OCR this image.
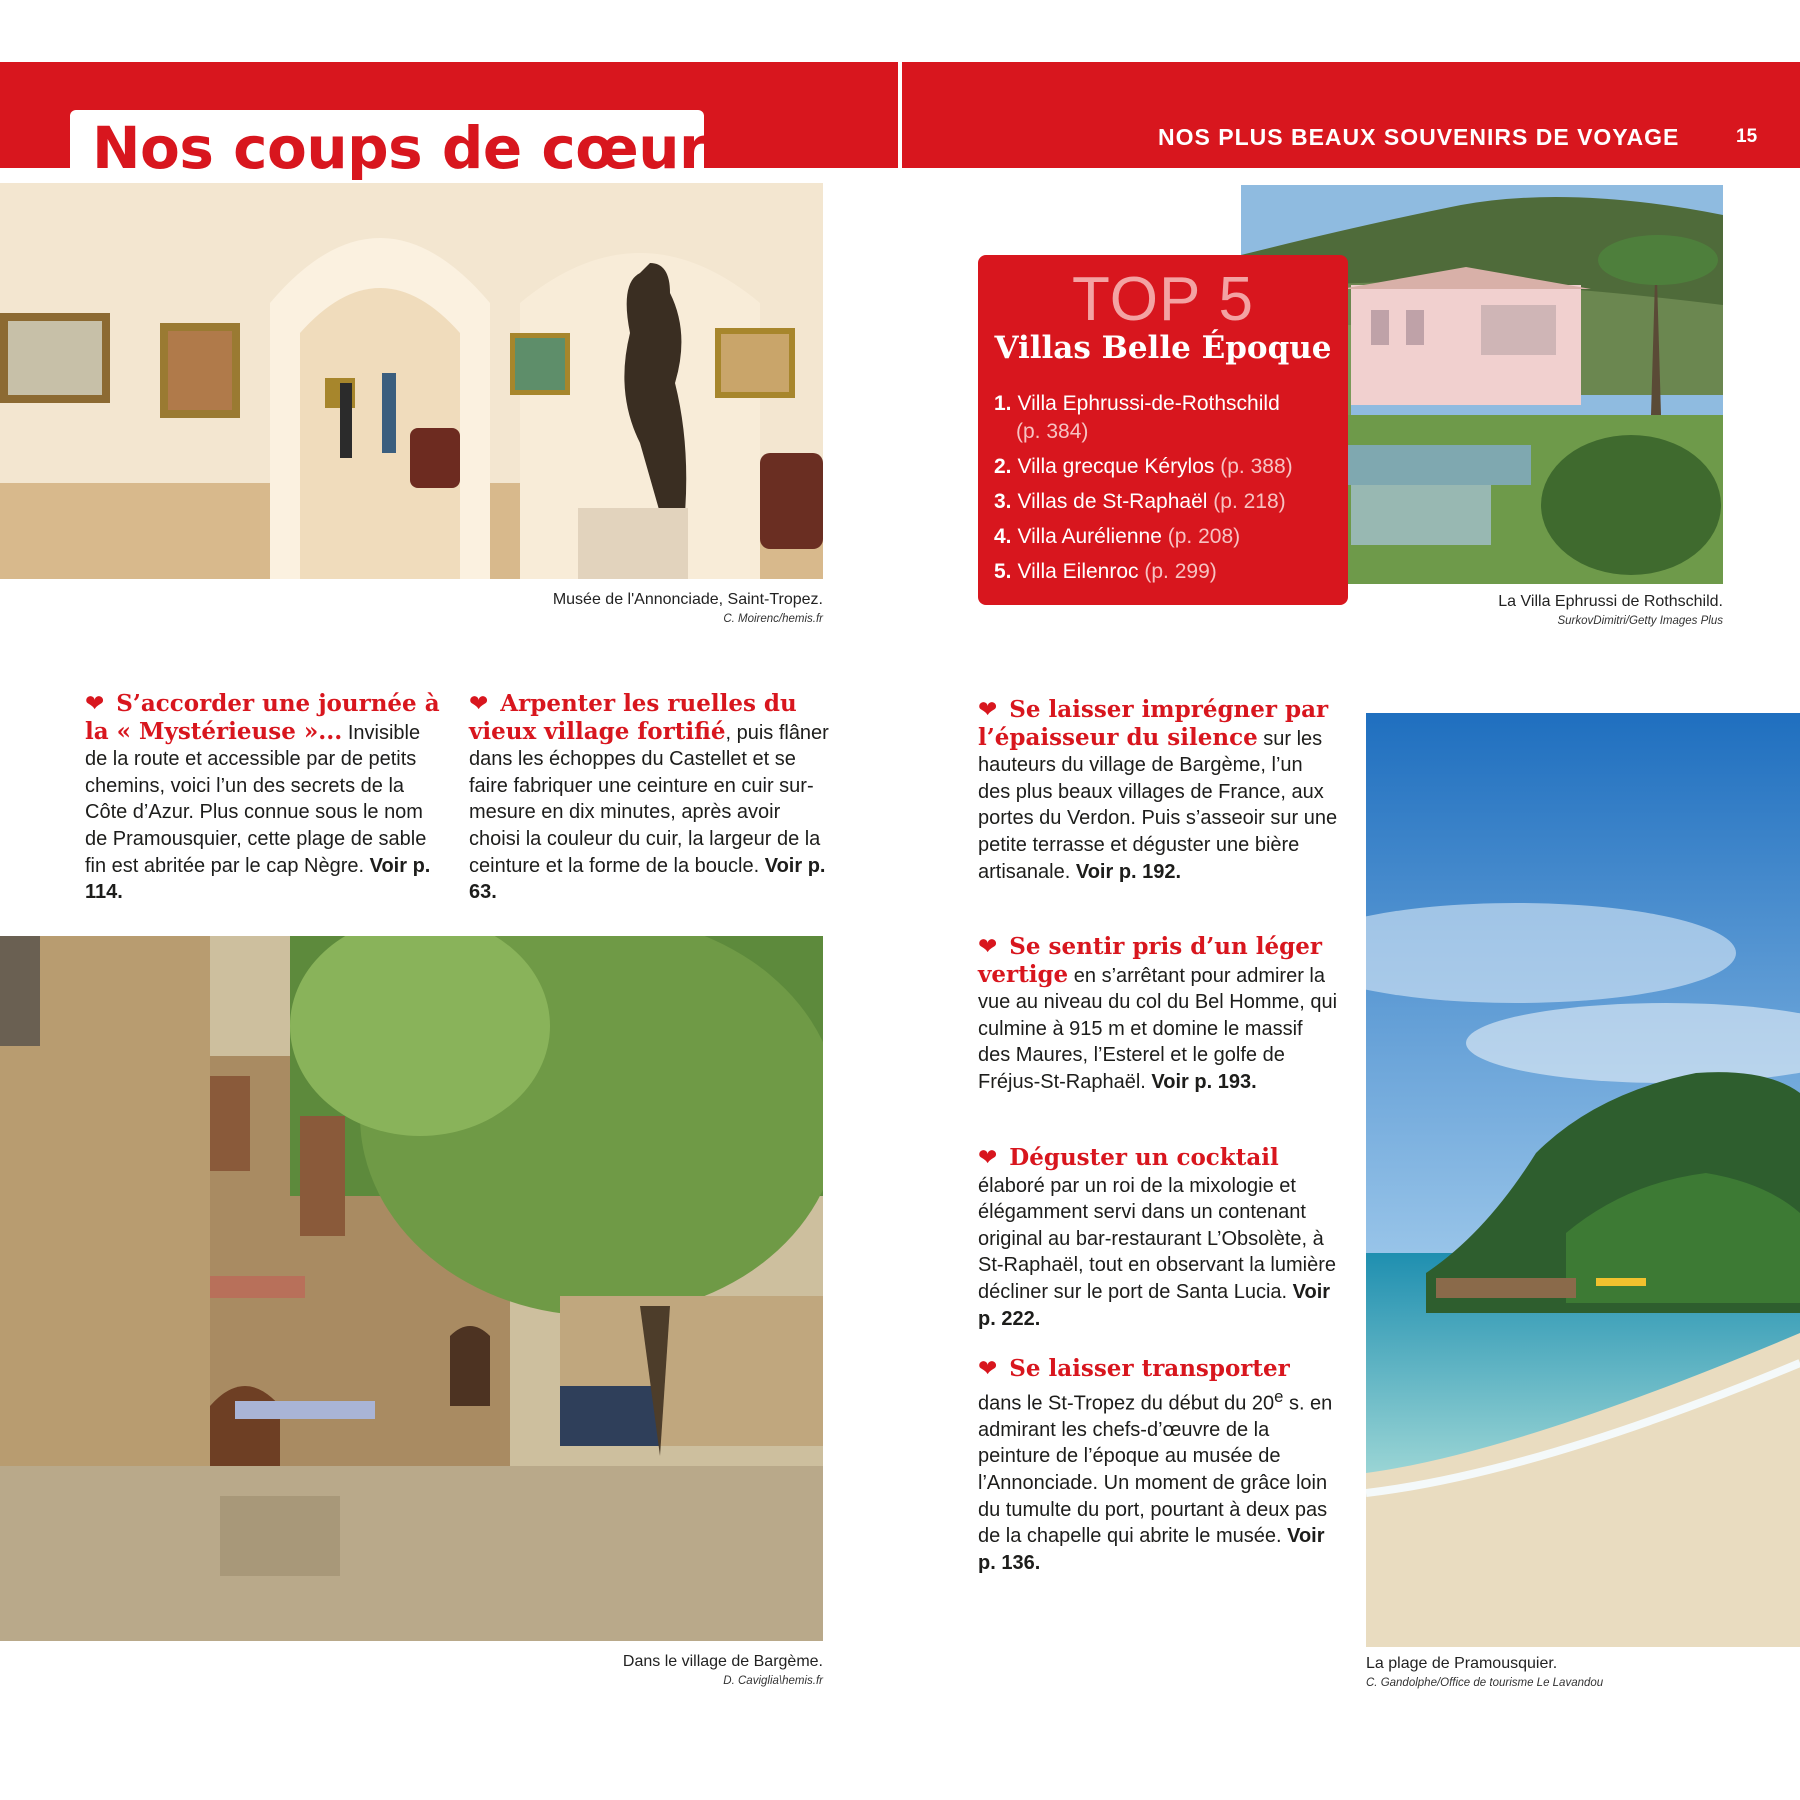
Nos coups de cœur	NOS PLUS BEAUX SOUVENIRS DE VOYAGE	15
Musée de l'Annonciade, Saint-Tropez.
C. Moirenc/hemis.fr
La Villa Ephrussi de Rothschild.
SurkovDimitri/Getty Images Plus
TOP 5
Villas Belle Époque
1. Villa Ephrussi-de-Rothschild
(p. 384)
2. Villa grecque Kérylos (p. 388)
3. Villas de St-Raphaël (p. 218)
4. Villa Aurélienne (p. 208)
5. Villa Eilenroc (p. 299)
❤ S’accorder une journée à la « Mystérieuse »... Invisible de la route et accessible par de petits chemins, voici l’un des secrets de la Côte d’Azur. Plus connue sous le nom de Pramousquier, cette plage de sable fin est abritée par le cap Nègre. Voir p. 114.
❤ Arpenter les ruelles du vieux village fortifié, puis flâner dans les échoppes du Castellet et se faire fabriquer une ceinture en cuir sur-mesure en dix minutes, après avoir choisi la couleur du cuir, la largeur de la ceinture et la forme de la boucle. Voir p. 63.
Dans le village de Bargème.
D. Caviglia\hemis.fr
❤ Se laisser imprégner par l’épaisseur du silence sur les hauteurs du village de Bargème, l’un des plus beaux villages de France, aux portes du Verdon. Puis s’asseoir sur une petite terrasse et déguster une bière artisanale. Voir p. 192.
❤ Se sentir pris d’un léger vertige en s’arrêtant pour admirer la vue au niveau du col du Bel Homme, qui culmine à 915 m et domine le massif des Maures, l’Esterel et le golfe de Fréjus-St-Raphaël. Voir p. 193.
❤ Déguster un cocktail élaboré par un roi de la mixologie et élégamment servi dans un contenant original au bar-restaurant L’Obsolète, à St-Raphaël, tout en observant la lumière décliner sur le port de Santa Lucia. Voir p. 222.
❤ Se laisser transporter dans le St-Tropez du début du 20e s. en admirant les chefs-d’œuvre de la peinture de l’époque au musée de l’Annonciade. Un moment de grâce loin du tumulte du port, pourtant à deux pas de la chapelle qui abrite le musée. Voir p. 136.
La plage de Pramousquier.
C. Gandolphe/Office de tourisme Le Lavandou
